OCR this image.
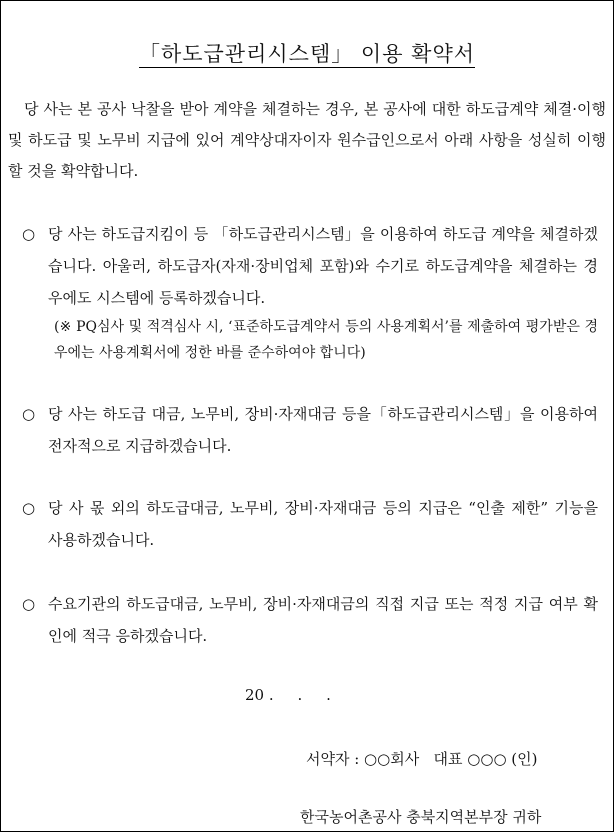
「하도급관리시스템」 이용 확약서
당 사는 본 공사 낙찰을 받아 계약을 체결하는 경우, 본 공사에 대한 하도급계약 체결·이행 및 하도급 및 노무비 지급에 있어 계약상대자이자 원수급인으로서 아래 사항을 성실히 이행할 것을 확약합니다.
○ 당 사는 하도급지킴이 등 「하도급관리시스템」을 이용하여 하도급 계약을 체결하겠습니다. 아울러, 하도급자(자재·장비업체 포함)와 수기로 하도급계약을 체결하는 경우에도 시스템에 등록하겠습니다.
(※ PQ심사 및 적격심사 시, ‘표준하도급계약서 등의 사용계획서’를 제출하여 평가받은 경우에는 사용계획서에 정한 바를 준수하여야 합니다)
○ 당 사는 하도급 대금, 노무비, 장비·자재대금 등을「하도급관리시스템」을 이용하여 전자적으로 지급하겠습니다.
○ 당 사 몫 외의 하도급대금, 노무비, 장비·자재대금 등의 지급은 “인출 제한” 기능을 사용하겠습니다.
○ 수요기관의 하도급대금, 노무비, 장비·자재대금의 직접 지급 또는 적정 지급 여부 확인에 적극 응하겠습니다.
20 .     .     .
서약자 : ○○회사   대표 ○○○ (인)
한국농어촌공사 충북지역본부장 귀하
